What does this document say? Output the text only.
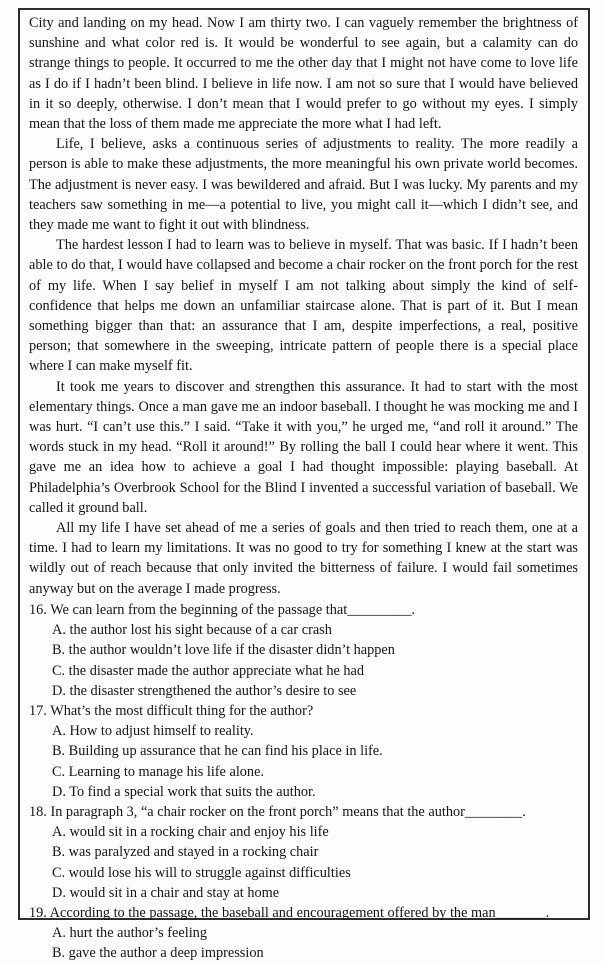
City and landing on my head. Now I am thirty two. I can vaguely remember the brightness of sunshine and what color red is. It would be wonderful to see again, but a calamity can do strange things to people. It occurred to me the other day that I might not have come to love life as I do if I hadn’t been blind. I believe in life now. I am not so sure that I would have believed in it so deeply, otherwise. I don’t mean that I would prefer to go without my eyes. I simply mean that the loss of them made me appreciate the more what I had left.

Life, I believe, asks a continuous series of adjustments to reality. The more readily a person is able to make these adjustments, the more meaningful his own private world becomes. The adjustment is never easy. I was bewildered and afraid. But I was lucky. My parents and my teachers saw something in me—a potential to live, you might call it—which I didn’t see, and they made me want to fight it out with blindness.

The hardest lesson I had to learn was to believe in myself. That was basic. If I hadn’t been able to do that, I would have collapsed and become a chair rocker on the front porch for the rest of my life. When I say belief in myself I am not talking about simply the kind of self-confidence that helps me down an unfamiliar staircase alone. That is part of it. But I mean something bigger than that: an assurance that I am, despite imperfections, a real, positive person; that somewhere in the sweeping, intricate pattern of people there is a special place where I can make myself fit.

It took me years to discover and strengthen this assurance. It had to start with the most elementary things. Once a man gave me an indoor baseball. I thought he was mocking me and I was hurt. “I can’t use this.” I said. “Take it with you,” he urged me, “and roll it around.” The words stuck in my head. “Roll it around!” By rolling the ball I could hear where it went. This gave me an idea how to achieve a goal I had thought impossible: playing baseball. At Philadelphia’s Overbrook School for the Blind I invented a successful variation of baseball. We called it ground ball.

All my life I have set ahead of me a series of goals and then tried to reach them, one at a time. I had to learn my limitations. It was no good to try for something I knew at the start was wildly out of reach because that only invited the bitterness of failure. I would fail sometimes anyway but on the average I made progress.

16. We can learn from the beginning of the passage that_________.

A. the author lost his sight because of a car crash

B. the author wouldn’t love life if the disaster didn’t happen

C. the disaster made the author appreciate what he had

D. the disaster strengthened the author’s desire to see

17. What’s the most difficult thing for the author?

A. How to adjust himself to reality.

B. Building up assurance that he can find his place in life.

C. Learning to manage his life alone.

D. To find a special work that suits the author.

18. In paragraph 3, “a chair rocker on the front porch” means that the author________.

A. would sit in a rocking chair and enjoy his life

B. was paralyzed and stayed in a rocking chair

C. would lose his will to struggle against difficulties

D. would sit in a chair and stay at home

19. According to the passage, the baseball and encouragement offered by the man_______.

A. hurt the author’s feeling

B. gave the author a deep impression
